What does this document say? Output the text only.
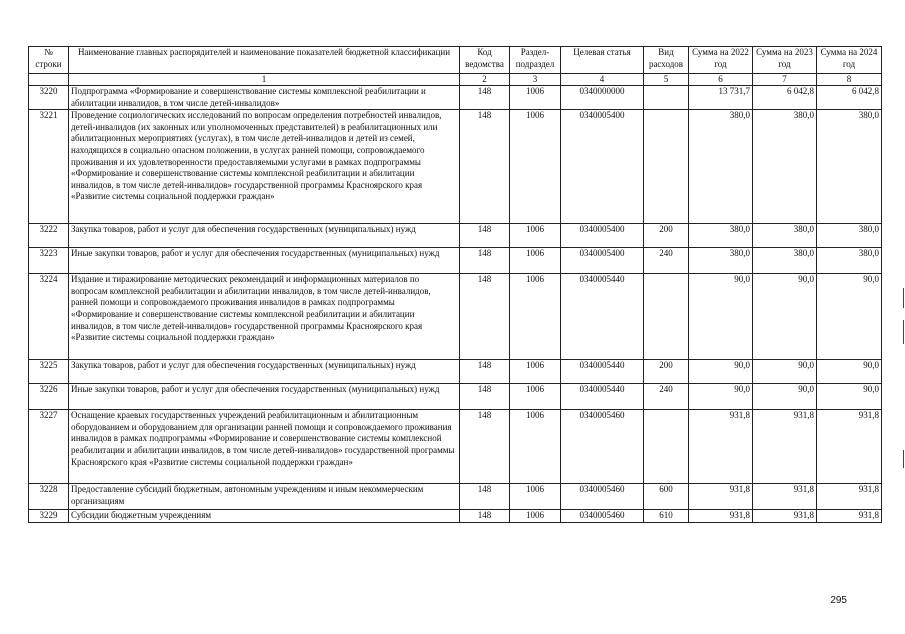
№ строки	Наименование главных распорядителей и наименование показателей бюджетной классификации	Код ведомства	Раздел-подраздел	Целевая статья	Вид расходов	Сумма на 2022 год	Сумма на 2023 год	Сумма на 2024 год
	1	2	3	4	5	6	7	8
3220	Подпрограмма «Формирование и совершенствование системы комплексной реабилитации и абилитации инвалидов, в том числе детей-инвалидов»	148	1006	0340000000		13 731,7	6 042,8	6 042,8
3221	Проведение социологических исследований по вопросам определения потребностей инвалидов, детей-инвалидов (их законных или уполномоченных представителей) в реабилитационных или абилитационных мероприятиях (услугах), в том числе детей-инвалидов и детей из семей, находящихся в социально опасном положении, в услугах ранней помощи, сопровождаемого проживания и их удовлетворенности предоставляемыми услугами в рамках подпрограммы «Формирование и совершенствование системы комплексной реабилитации и абилитации инвалидов, в том числе детей-инвалидов» государственной программы Красноярского края «Развитие системы социальной поддержки граждан»	148	1006	0340005400		380,0	380,0	380,0
3222	Закупка товаров, работ и услуг для обеспечения государственных (муниципальных) нужд	148	1006	0340005400	200	380,0	380,0	380,0
3223	Иные закупки товаров, работ и услуг для обеспечения государственных (муниципальных) нужд	148	1006	0340005400	240	380,0	380,0	380,0
3224	Издание и тиражирование методических рекомендаций и информационных материалов по вопросам комплексной реабилитации и абилитации инвалидов, в том числе детей-инвалидов, ранней помощи и сопровождаемого проживания инвалидов в рамках подпрограммы «Формирование и совершенствование системы комплексной реабилитации и абилитации инвалидов, в том числе детей-инвалидов» государственной программы Красноярского края «Развитие системы социальной поддержки граждан»	148	1006	0340005440		90,0	90,0	90,0
3225	Закупка товаров, работ и услуг для обеспечения государственных (муниципальных) нужд	148	1006	0340005440	200	90,0	90,0	90,0
3226	Иные закупки товаров, работ и услуг для обеспечения государственных (муниципальных) нужд	148	1006	0340005440	240	90,0	90,0	90,0
3227	Оснащение краевых государственных учреждений реабилитационным и абилитационным оборудованием и оборудованием для организации ранней помощи и сопровождаемого проживания инвалидов в рамках подпрограммы «Формирование и совершенствование системы комплексной реабилитации и абилитации инвалидов, в том числе детей-инвалидов» государственной программы Красноярского края «Развитие системы социальной поддержки граждан»	148	1006	0340005460		931,8	931,8	931,8
3228	Предоставление субсидий бюджетным, автономным учреждениям и иным некоммерческим организациям	148	1006	0340005460	600	931,8	931,8	931,8
3229	Субсидии бюджетным учреждениям	148	1006	0340005460	610	931,8	931,8	931,8
295
